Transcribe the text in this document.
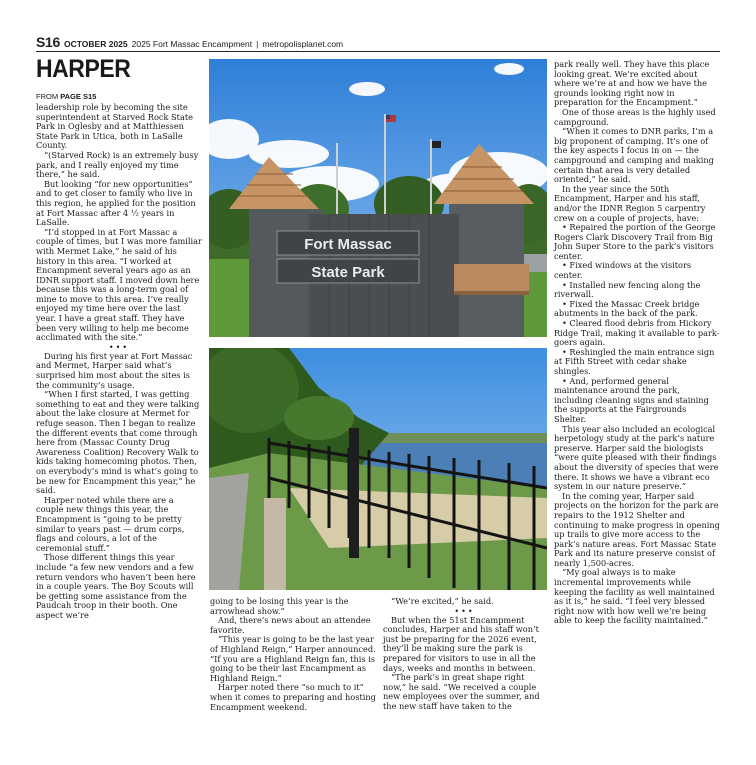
S16 OCTOBER 2025 2025 Fort Massac Encampment | metropolisplanet.com
HARPER
FROM PAGE S15

leadership role by becoming the site superintendent at Starved Rock State Park in Oglesby and at Matthiessen State Park in Utica, both in LaSalle County.

“(Starved Rock) is an extremely busy park, and I really enjoyed my time there,” he said.

But looking “for new opportunities” and to get closer to family who live in this region, he applied for the position at Fort Massac after 4 ½ years in LaSalle.

“I’d stopped in at Fort Massac a couple of times, but I was more familiar with Mermet Lake,” he said of his history in this area. “I worked at Encampment several years ago as an IDNR support staff. I moved down here because this was a long-term goal of mine to move to this area. I’ve really enjoyed my time here over the last year. I have a great staff. They have been very willing to help me become acclimated with the site.”

•••

During his first year at Fort Massac and Mermet, Harper said what’s surprised him most about the sites is the community’s usage.

“When I first started, I was getting something to eat and they were talking about the lake closure at Mermet for refuge season. Then I began to realize the different events that come through here from (Massac County Drug Awareness Coalition) Recovery Walk to kids taking homecoming photos. Then, on everybody’s mind is what’s going to be new for Encampment this year,” he said.

Harper noted while there are a couple new things this year, the Encampment is “going to be pretty similar to years past — drum corps, flags and colours, a lot of the ceremonial stuff.”

Those different things this year include “a few new vendors and a few return vendors who haven’t been here in a couple years. The Boy Scouts will be getting some assistance from the Paudcah troop in their booth. One aspect we’re

Fort Massac
State Park

going to be losing this year is the arrowhead show.”

And, there’s news about an attendee favorite.

“This year is going to be the last year of Highland Reign,” Harper announced. “If you are a Highland Reign fan, this is going to be their last Encampment as Highland Reign.”

Harper noted there “so much to it” when it comes to preparing and hosting Encampment weekend.

“We’re excited,” he said.

•••

But when the 51st Encampment concludes, Harper and his staff won’t just be preparing for the 2026 event, they’ll be making sure the park is prepared for visitors to use in all the days, weeks and months in between.

“The park’s in great shape right now,” he said. “We received a couple new employees over the summer, and the new staff have taken to the

park really well. They have this place looking great. We’re excited about where we’re at and how we have the grounds looking right now in preparation for the Encampment.”

One of those areas is the highly used campground.

“When it comes to DNR parks, I’m a big proponent of camping. It’s one of the key aspects I focus in on — the campground and camping and making certain that area is very detailed oriented,” he said.

In the year since the 50th Encampment, Harper and his staff, and/or the IDNR Region 5 carpentry crew on a couple of projects, have:

• Repaired the portion of the George Rogers Clark Discovery Trail from Big John Super Store to the park’s visitors center.

• Fixed windows at the visitors center.

• Installed new fencing along the riverwall.

• Fixed the Massac Creek bridge abutments in the back of the park.

• Cleared flood debris from Hickory Ridge Trail, making it available to park-goers again.

• Reshingled the main entrance sign at Fifth Street with cedar shake shingles.

• And, performed general maintenance around the park, including cleaning signs and staining the supports at the Fairgrounds Shelter.

This year also included an ecological herpetology study at the park’s nature preserve. Harper said the biologists “were quite pleased with their findings about the diversity of species that were there. It shows we have a vibrant eco system in our nature preserve.”

In the coming year, Harper said projects on the horizon for the park are repairs to the 1912 Shelter and continuing to make progress in opening up trails to give more access to the park’s nature areas. Fort Massac State Park and its nature preserve consist of nearly 1,500-acres.

“My goal always is to make incremental improvements while keeping the facility as well maintained as it is,” he said. “I feel very blessed right now with how well we’re being able to keep the facility maintained.”
